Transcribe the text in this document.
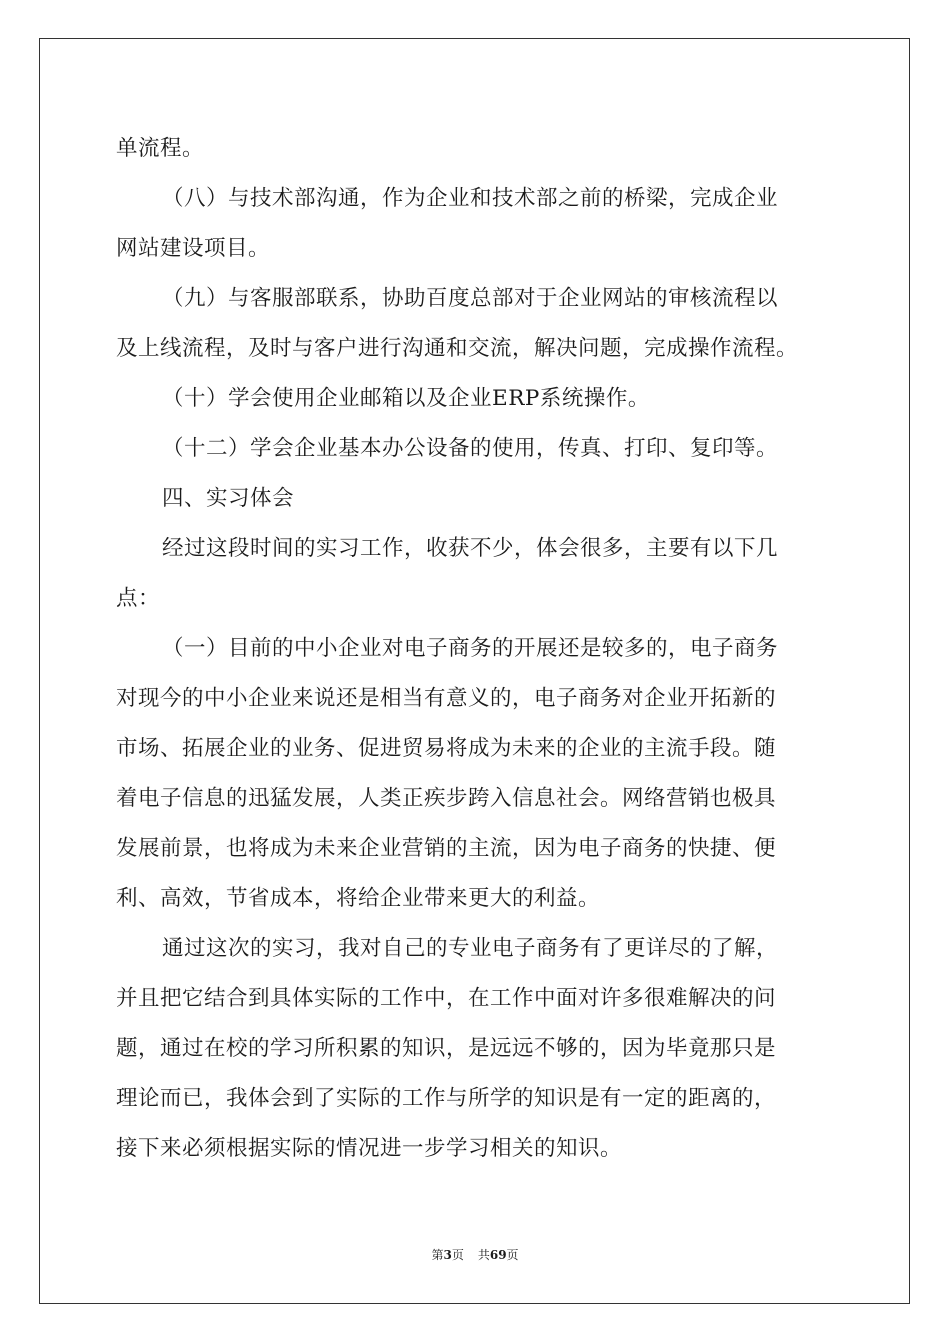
单流程。
（八）与技术部沟通，作为企业和技术部之前的桥梁，完成企业
网站建设项目。
（九）与客服部联系，协助百度总部对于企业网站的审核流程以
及上线流程，及时与客户进行沟通和交流，解决问题，完成操作流程。
（十）学会使用企业邮箱以及企业ERP系统操作。
（十二）学会企业基本办公设备的使用，传真、打印、复印等。
四、实习体会
经过这段时间的实习工作，收获不少，体会很多，主要有以下几
点：
（一）目前的中小企业对电子商务的开展还是较多的，电子商务
对现今的中小企业来说还是相当有意义的，电子商务对企业开拓新的
市场、拓展企业的业务、促进贸易将成为未来的企业的主流手段。随
着电子信息的迅猛发展，人类正疾步跨入信息社会。网络营销也极具
发展前景，也将成为未来企业营销的主流，因为电子商务的快捷、便
利、高效，节省成本，将给企业带来更大的利益。
通过这次的实习，我对自己的专业电子商务有了更详尽的了解，
并且把它结合到具体实际的工作中，在工作中面对许多很难解决的问
题，通过在校的学习所积累的知识，是远远不够的，因为毕竟那只是
理论而已，我体会到了实际的工作与所学的知识是有一定的距离的，
接下来必须根据实际的情况进一步学习相关的知识。
第3页 共69页
